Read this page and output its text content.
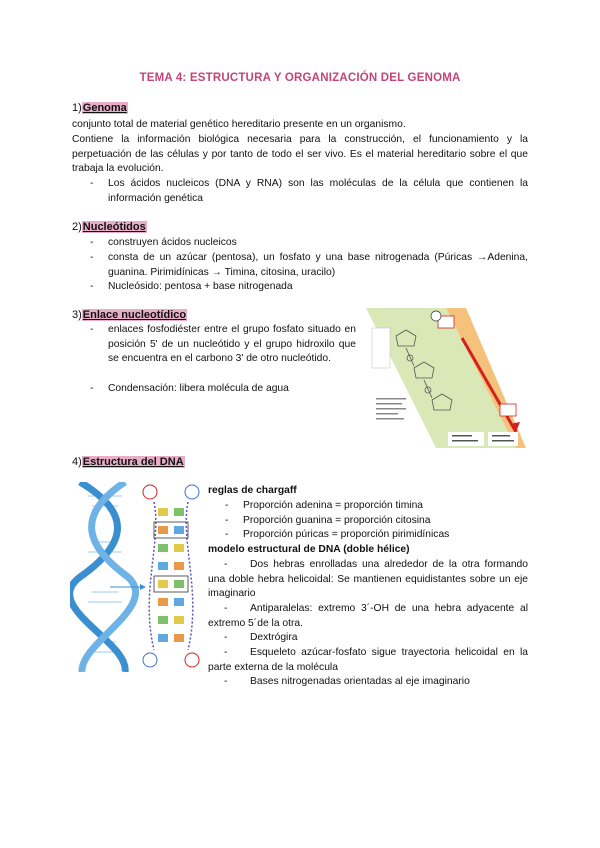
TEMA 4: ESTRUCTURA Y ORGANIZACIÓN DEL GENOMA
1)Genoma
conjunto total de material genético hereditario presente en un organismo.
Contiene la información biológica necesaria para la construcción, el funcionamiento y la perpetuación de las células y por tanto de todo el ser vivo. Es el material hereditario sobre el que trabaja la evolución.
- Los ácidos nucleicos (DNA y RNA) son las moléculas de la célula que contienen la información genética
2)Nucleótidos
- construyen ácidos nucleicos
- consta de un azúcar (pentosa), un fosfato y una base nitrogenada (Púricas →Adenina, guanina. Pirimidínicas → Timina, citosina, uracilo)
- Nucleósido: pentosa + base nitrogenada
3)Enlace nucleotídico
- enlaces fosfodiéster entre el grupo fosfato situado en posición 5' de un nucleótido y el grupo hidroxilo que se encuentra en el carbono 3' de otro nucleótido.
- Condensación: libera molécula de agua
4)Estructura del DNA
reglas de chargaff
- Proporción adenina = proporción timina
- Proporción guanina = proporción citosina
- Proporción púricas = proporción pirimidínicas
modelo estructural de DNA (doble hélice)
- Dos hebras enrolladas una alrededor de la otra formando una doble hebra helicoidal: Se mantienen equidistantes sobre un eje imaginario
- Antiparalelas: extremo 3´-OH de una hebra adyacente al extremo 5´de la otra.
- Dextrógira
- Esqueleto azúcar-fosfato sigue trayectoria helicoidal en la parte externa de la molécula
- Bases nitrogenadas orientadas al eje imaginario
